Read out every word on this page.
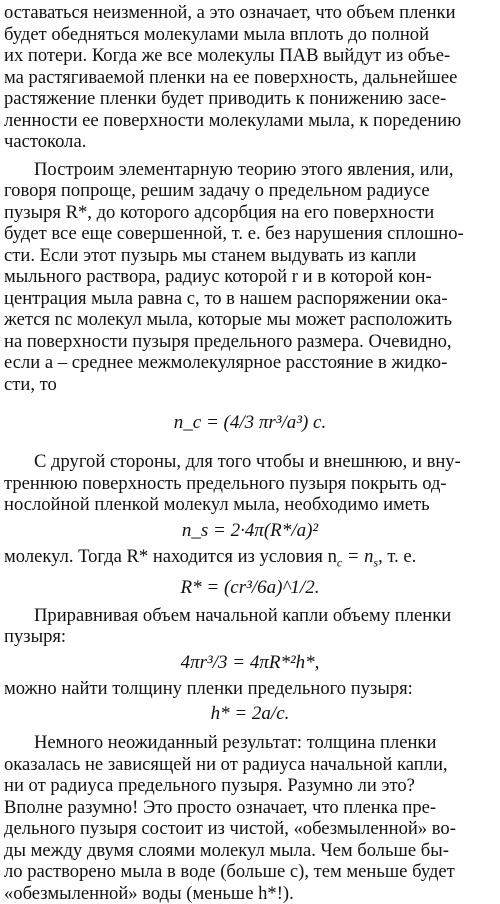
оставаться неизменной, а это означает, что объем пленки
будет обедняться молекулами мыла вплоть до полной
их потери. Когда же все молекулы ПАВ выйдут из объе-
ма растягиваемой пленки на ее поверхность, дальнейшее
растяжение пленки будет приводить к понижению засе-
ленности ее поверхности молекулами мыла, к поредению
частокола.

Построим элементарную теорию этого явления, или,
говоря попроще, решим задачу о предельном радиусе
пузыря R*, до которого адсорбция на его поверхности
будет все еще совершенной, т. е. без нарушения сплошно-
сти. Если этот пузырь мы станем выдувать из капли
мыльного раствора, радиус которой r и в которой кон-
центрация мыла равна c, то в нашем распоряжении ока-
жется nc молекул мыла, которые мы может расположить
на поверхности пузыря предельного размера. Очевидно,
если a – среднее межмолекулярное расстояние в жидко-
сти, то

n_c = (4/3 πr³/a³) c.

С другой стороны, для того чтобы и внешнюю, и вну-
треннюю поверхность предельного пузыря покрыть од-
нослойной пленкой молекул мыла, необходимо иметь

n_s = 2·4π(R*/a)²

молекул. Тогда R* находится из условия $n_c = n_s$, т. е.

R* = (cr³/6a)^1/2.

Приравнивая объем начальной капли объему пленки
пузыря:

4πr³/3 = 4πR*²h*,

можно найти толщину пленки предельного пузыря:

h* = 2a/c.

Немного неожиданный результат: толщина пленки
оказалась не зависящей ни от радиуса начальной капли,
ни от радиуса предельного пузыря. Разумно ли это?
Вполне разумно! Это просто означает, что пленка пре-
дельного пузыря состоит из чистой, «обезмыленной» во-
ды между двумя слоями молекул мыла. Чем больше бы-
ло растворено мыла в воде (больше c), тем меньше будет
«обезмыленной» воды (меньше h*!).
